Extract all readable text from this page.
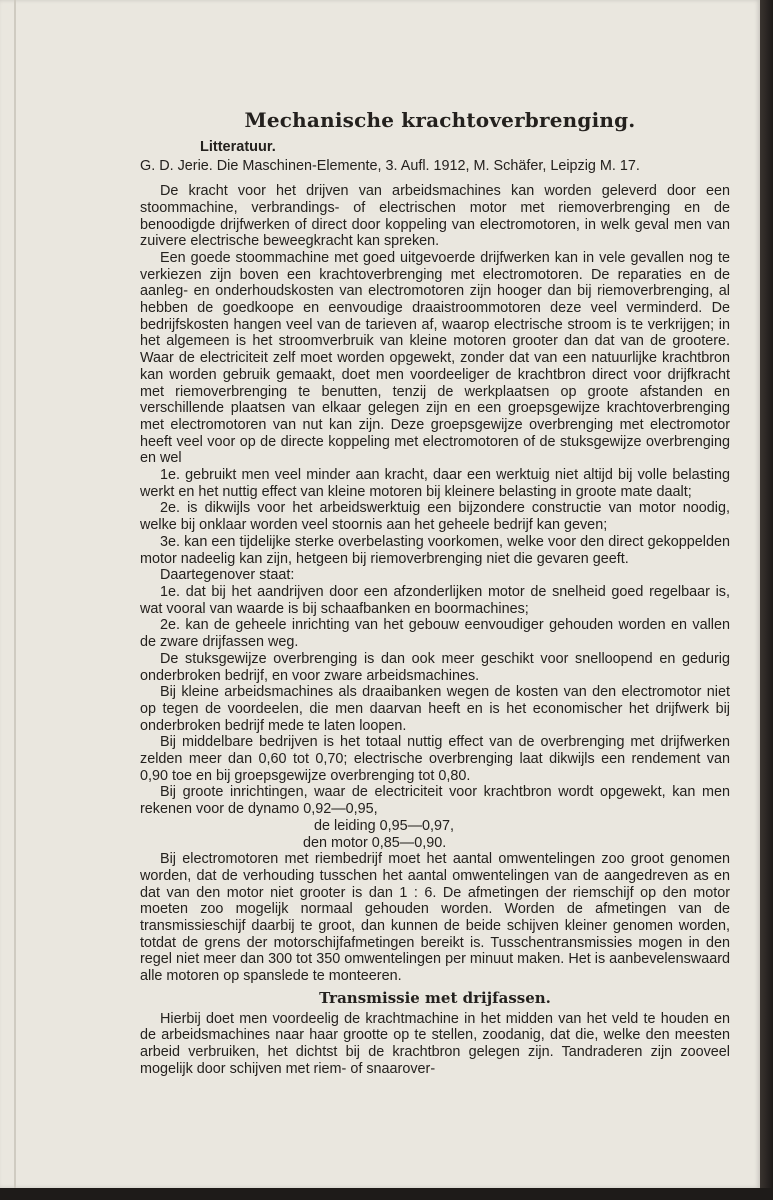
Mechanische krachtoverbrenging.
Litteratuur.
G. D. Jerie. Die Maschinen-Elemente, 3. Aufl. 1912, M. Schäfer, Leipzig M. 17.

De kracht voor het drijven van arbeidsmachines kan worden geleverd door een stoommachine, verbrandings- of electrischen motor met riemoverbrenging en de benoodigde drijfwerken of direct door koppeling van electromotoren, in welk geval men van zuivere electrische beweegkracht kan spreken.

Een goede stoommachine met goed uitgevoerde drijfwerken kan in vele gevallen nog te verkiezen zijn boven een krachtoverbrenging met electromotoren. De reparaties en de aanleg- en onderhoudskosten van electromotoren zijn hooger dan bij riemoverbrenging, al hebben de goedkoope en eenvoudige draaistroommotoren deze veel verminderd. De bedrijfskosten hangen veel van de tarieven af, waarop electrische stroom is te verkrijgen; in het algemeen is het stroomverbruik van kleine motoren grooter dan dat van de grootere. Waar de electriciteit zelf moet worden opgewekt, zonder dat van een natuurlijke krachtbron kan worden gebruik gemaakt, doet men voordeeliger de krachtbron direct voor drijfkracht met riemoverbrenging te benutten, tenzij de werkplaatsen op groote afstanden en verschillende plaatsen van elkaar gelegen zijn en een groepsgewijze krachtoverbrenging met electromotoren van nut kan zijn. Deze groepsgewijze overbrenging met electromotor heeft veel voor op de directe koppeling met electromotoren of de stuksgewijze overbrenging en wel

1e. gebruikt men veel minder aan kracht, daar een werktuig niet altijd bij volle belasting werkt en het nuttig effect van kleine motoren bij kleinere belasting in groote mate daalt;

2e. is dikwijls voor het arbeidswerktuig een bijzondere constructie van motor noodig, welke bij onklaar worden veel stoornis aan het geheele bedrijf kan geven;

3e. kan een tijdelijke sterke overbelasting voorkomen, welke voor den direct gekoppelden motor nadeelig kan zijn, hetgeen bij riemoverbrenging niet die gevaren geeft.

Daartegenover staat:

1e. dat bij het aandrijven door een afzonderlijken motor de snelheid goed regelbaar is, wat vooral van waarde is bij schaafbanken en boormachines;

2e. kan de geheele inrichting van het gebouw eenvoudiger gehouden worden en vallen de zware drijfassen weg.

De stuksgewijze overbrenging is dan ook meer geschikt voor snelloopend en gedurig onderbroken bedrijf, en voor zware arbeidsmachines.

Bij kleine arbeidsmachines als draaibanken wegen de kosten van den electromotor niet op tegen de voordeelen, die men daarvan heeft en is het economischer het drijfwerk bij onderbroken bedrijf mede te laten loopen.

Bij middelbare bedrijven is het totaal nuttig effect van de overbrenging met drijfwerken zelden meer dan 0,60 tot 0,70; electrische overbrenging laat dikwijls een rendement van 0,90 toe en bij groepsgewijze overbrenging tot 0,80.

Bij groote inrichtingen, waar de electriciteit voor krachtbron wordt opgewekt, kan men rekenen voor de dynamo 0,92—0,95,

de leiding 0,95—0,97,
den motor 0,85—0,90.

Bij electromotoren met riembedrijf moet het aantal omwentelingen zoo groot genomen worden, dat de verhouding tusschen het aantal omwentelingen van de aangedreven as en dat van den motor niet grooter is dan 1 : 6. De afmetingen der riemschijf op den motor moeten zoo mogelijk normaal gehouden worden. Worden de afmetingen van de transmissieschijf daarbij te groot, dan kunnen de beide schijven kleiner genomen worden, totdat de grens der motorschijfafmetingen bereikt is. Tusschentransmissies mogen in den regel niet meer dan 300 tot 350 omwentelingen per minuut maken. Het is aanbevelenswaard alle motoren op spanslede te monteeren.

Transmissie met drijfassen.

Hierbij doet men voordeelig de krachtmachine in het midden van het veld te houden en de arbeidsmachines naar haar grootte op te stellen, zoodanig, dat die, welke den meesten arbeid verbruiken, het dichtst bij de krachtbron gelegen zijn. Tandraderen zijn zooveel mogelijk door schijven met riem- of snaarover-
